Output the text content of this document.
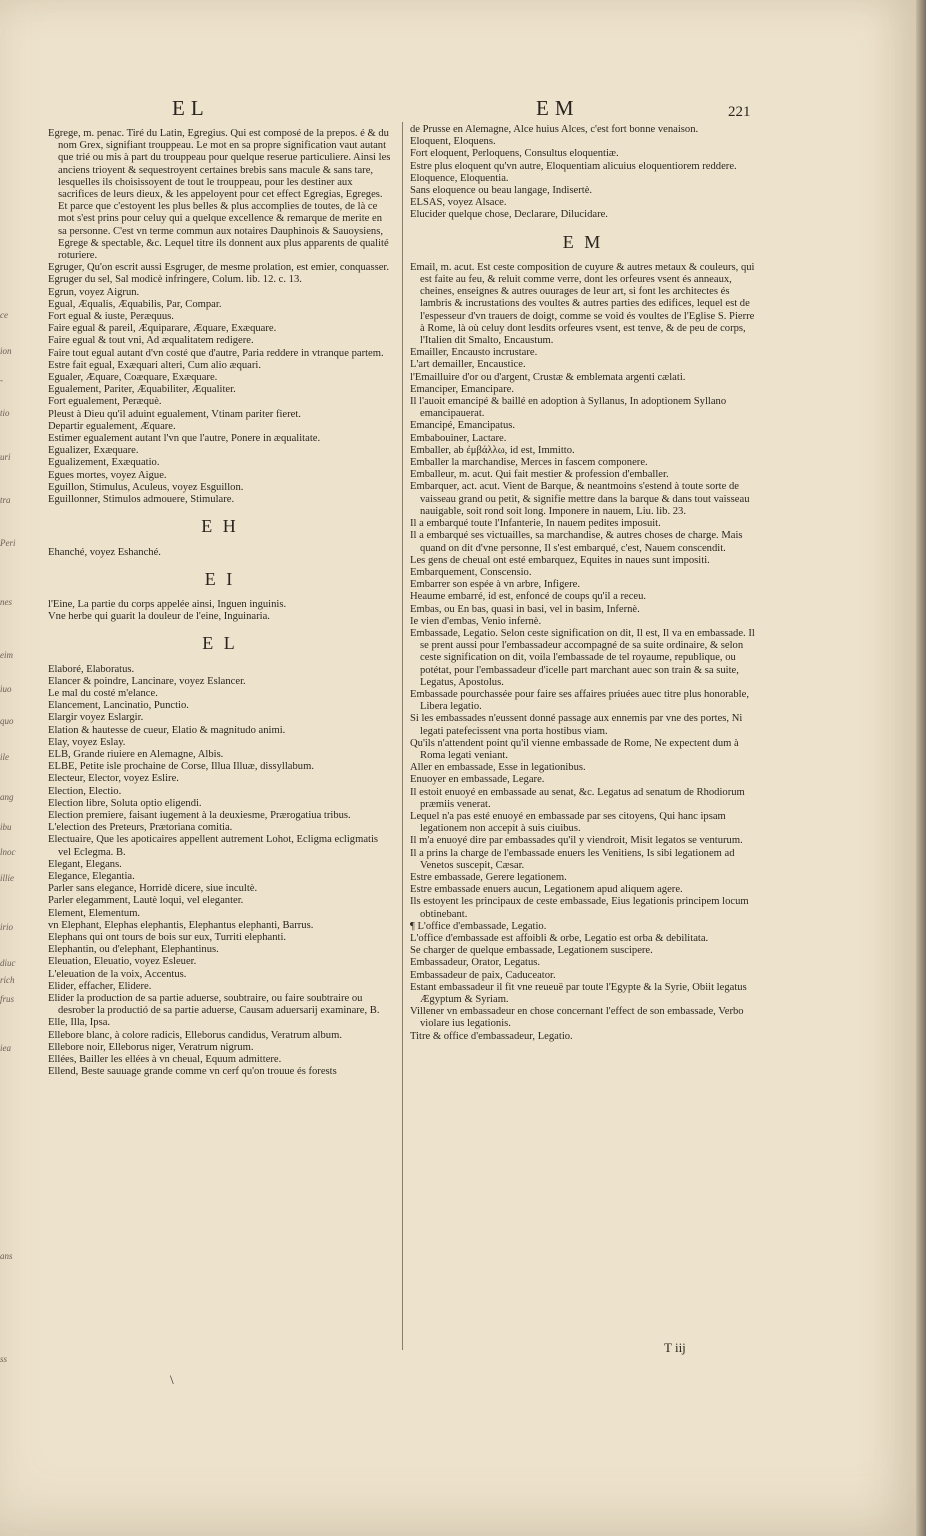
ce
ion
-
tio
uri
tra
Peri
nes
eim
iuo
quo
ile
ang
ibu
lnoc
illie
irio
diuc
rich
frus
iea
ans
ss
EL	EM	221

Egrege, m. penac. Tiré du Latin, Egregius. Qui est composé de la prepos. é & du nom Grex, signifiant trouppeau. Le mot en sa propre signification vaut autant que trié ou mis à part du trouppeau pour quelque reserue particuliere. Ainsi les anciens trioyent & sequestroyent certaines brebis sans macule & sans tare, lesquelles ils choisissoyent de tout le trouppeau, pour les destiner aux sacrifices de leurs dieux, & les appeloyent pour cet effect Egregias, Egreges. Et parce que c'estoyent les plus belles & plus accomplies de toutes, de là ce mot s'est prins pour celuy qui a quelque excellence & remarque de merite en sa personne. C'est vn terme commun aux notaires Dauphinois & Sauoysiens, Egrege & spectable, &c. Lequel titre ils donnent aux plus apparents de qualité roturiere.

Egruger, Qu'on escrit aussi Esgruger, de mesme prolation, est emier, conquasser.

Egruger du sel, Sal modicè infringere, Colum. lib. 12. c. 13.

Egrun, voyez Aigrun.

Egual, Æqualis, Æquabilis, Par, Compar.

Fort egual & iuste, Peræquus.

Faire egual & pareil, Æquiparare, Æquare, Exæquare.

Faire egual & tout vni, Ad æqualitatem redigere.

Faire tout egual autant d'vn costé que d'autre, Paria reddere in vtranque partem.

Estre fait egual, Exæquari alteri, Cum alio æquari.

Egualer, Æquare, Coæquare, Exæquare.

Egualement, Pariter, Æquabiliter, Æqualiter.

Fort egualement, Peræquè.

Pleust à Dieu qu'il aduint egualement, Vtinam pariter fieret.

Departir egualement, Æquare.

Estimer egualement autant l'vn que l'autre, Ponere in æqualitate.

Egualizer, Exæquare.

Egualizement, Exæquatio.

Egues mortes, voyez Aigue.

Eguillon, Stimulus, Aculeus, voyez Esguillon.

Eguillonner, Stimulos admouere, Stimulare.

E H

Ehanché, voyez Eshanché.

E I

l'Eine, La partie du corps appelée ainsi, Inguen inguinis.

Vne herbe qui guarit la douleur de l'eine, Inguinaria.

E L

Elaboré, Elaboratus.

Elancer & poindre, Lancinare, voyez Eslancer.

Le mal du costé m'elance.

Elancement, Lancinatio, Punctio.

Elargir voyez Eslargir.

Elation & hautesse de cueur, Elatio & magnitudo animi.

Elay, voyez Eslay.

ELB, Grande riuiere en Alemagne, Albis.

ELBE, Petite isle prochaine de Corse, Illua Illuæ, dissyllabum.

Electeur, Elector, voyez Eslire.

Election, Electio.

Election libre, Soluta optio eligendi.

Election premiere, faisant iugement à la deuxiesme, Prærogatiua tribus.

L'election des Preteurs, Prætoriana comitia.

Electuaire, Que les apoticaires appellent autrement Lohot, Ecligma ecligmatis vel Eclegma. B.

Elegant, Elegans.

Elegance, Elegantia.

Parler sans elegance, Horridè dicere, siue incultè.

Parler elegamment, Lautè loqui, vel eleganter.

Element, Elementum.

vn Elephant, Elephas elephantis, Elephantus elephanti, Barrus.

Elephans qui ont tours de bois sur eux, Turriti elephanti.

Elephantin, ou d'elephant, Elephantinus.

Eleuation, Eleuatio, voyez Esleuer.

L'eleuation de la voix, Accentus.

Elider, effacher, Elidere.

Elider la production de sa partie aduerse, soubtraire, ou faire soubtraire ou desrober la productió de sa partie aduerse, Causam aduersarij examinare, B.

Elle, Illa, Ipsa.

Ellebore blanc, à colore radicis, Elleborus candidus, Veratrum album.

Ellebore noir, Elleborus niger, Veratrum nigrum.

Ellées, Bailler les ellées à vn cheual, Equum admittere.

Ellend, Beste sauuage grande comme vn cerf qu'on trouue és forests

de Prusse en Alemagne, Alce huius Alces, c'est fort bonne venaison.

Eloquent, Eloquens.

Fort eloquent, Perloquens, Consultus eloquentiæ.

Estre plus eloquent qu'vn autre, Eloquentiam alicuius eloquentiorem reddere.

Eloquence, Eloquentia.

Sans eloquence ou beau langage, Indisertè.

ELSAS, voyez Alsace.

Elucider quelque chose, Declarare, Dilucidare.

E M

Email, m. acut. Est ceste composition de cuyure & autres metaux & couleurs, qui est faite au feu, & reluit comme verre, dont les orfeures vsent és anneaux, cheines, enseignes & autres ouurages de leur art, si font les architectes és lambris & incrustations des voultes & autres parties des edifices, lequel est de l'espesseur d'vn trauers de doigt, comme se void és voultes de l'Eglise S. Pierre à Rome, là où celuy dont lesdits orfeures vsent, est tenve, & de peu de corps, l'Italien dit Smalto, Encaustum.

Emailler, Encausto incrustare.

L'art demailler, Encaustice.

l'Emailluire d'or ou d'argent, Crustæ & emblemata argenti cælati.

Emanciper, Emancipare.

Il l'auoit emancipé & baillé en adoption à Syllanus, In adoptionem Syllano emancipauerat.

Emancipé, Emancipatus.

Embabouiner, Lactare.

Emballer, ab ἐμβάλλω, id est, Immitto.

Emballer la marchandise, Merces in fascem componere.

Emballeur, m. acut. Qui fait mestier & profession d'emballer.

Embarquer, act. acut. Vient de Barque, & neantmoins s'estend à toute sorte de vaisseau grand ou petit, & signifie mettre dans la barque & dans tout vaisseau nauigable, soit rond soit long. Imponere in nauem, Liu. lib. 23.

Il a embarqué toute l'Infanterie, In nauem pedites imposuit.

Il a embarqué ses victuailles, sa marchandise, & autres choses de charge. Mais quand on dit d'vne personne, Il s'est embarqué, c'est, Nauem conscendit.

Les gens de cheual ont esté embarquez, Equites in naues sunt impositi.

Embarquement, Conscensio.

Embarrer son espée à vn arbre, Infigere.

Heaume embarré, id est, enfoncé de coups qu'il a receu.

Embas, ou En bas, quasi in basi, vel in basim, Infernè.

Ie vien d'embas, Venio infernè.

Embassade, Legatio. Selon ceste signification on dit, Il est, Il va en embassade. Il se prent aussi pour l'embassadeur accompagné de sa suite ordinaire, & selon ceste signification on dit, voila l'embassade de tel royaume, republique, ou potétat, pour l'embassadeur d'icelle part marchant auec son train & sa suite, Legatus, Apostolus.

Embassade pourchassée pour faire ses affaires priuées auec titre plus honorable, Libera legatio.

Si les embassades n'eussent donné passage aux ennemis par vne des portes, Ni legati patefecissent vna porta hostibus viam.

Qu'ils n'attendent point qu'il vienne embassade de Rome, Ne expectent dum à Roma legati veniant.

Aller en embassade, Esse in legationibus.

Enuoyer en embassade, Legare.

Il estoit enuoyé en embassade au senat, &c. Legatus ad senatum de Rhodiorum præmiis venerat.

Lequel n'a pas esté enuoyé en embassade par ses citoyens, Qui hanc ipsam legationem non accepit à suis ciuibus.

Il m'a enuoyé dire par embassades qu'il y viendroit, Misit legatos se venturum.

Il a prins la charge de l'embassade enuers les Venitiens, Is sibi legationem ad Venetos suscepit, Cæsar.

Estre embassade, Gerere legationem.

Estre embassade enuers aucun, Legationem apud aliquem agere.

Ils estoyent les principaux de ceste embassade, Eius legationis principem locum obtinebant.

¶ L'office d'embassade, Legatio.

L'office d'embassade est affoibli & orbe, Legatio est orba & debilitata.

Se charger de quelque embassade, Legationem suscipere.

Embassadeur, Orator, Legatus.

Embassadeur de paix, Caduceator.

Estant embassadeur il fit vne reueuë par toute l'Egypte & la Syrie, Obiit legatus Ægyptum & Syriam.

Villener vn embassadeur en chose concernant l'effect de son embassade, Verbo violare ius legationis.

Titre & office d'embassadeur, Legatio.

T iij
\
